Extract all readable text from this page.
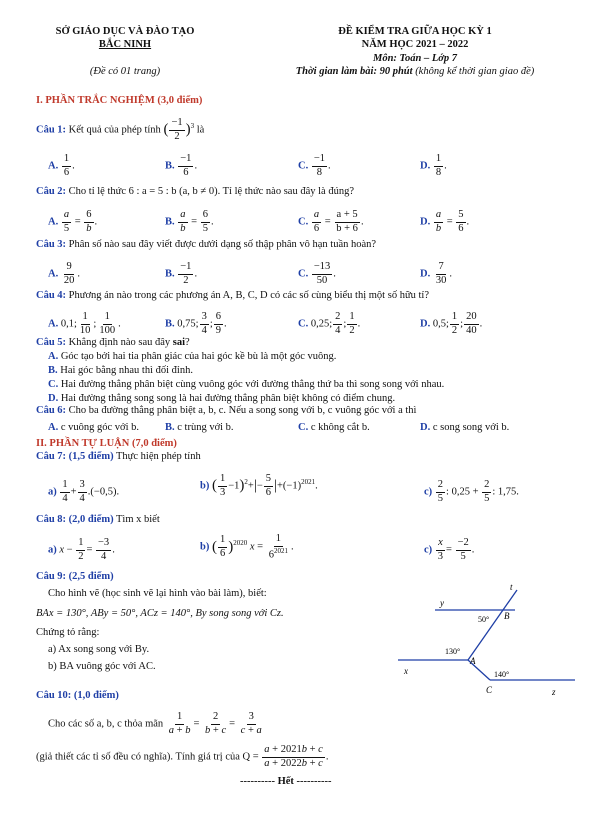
SỞ GIÁO DỤC VÀ ĐÀO TẠO
BẮC NINH
(Đề có 01 trang)
ĐỀ KIỂM TRA GIỮA HỌC KỲ 1
NĂM HỌC 2021 – 2022
Môn: Toán – Lớp 7
Thời gian làm bài: 90 phút (không kể thời gian giao đề)
I. PHẦN TRẮC NGHIỆM (3,0 điểm)
Câu 1: Kết quả của phép tính ( $\frac{-1}{2} )^3$ là
A. $\frac{1}{6}$ .	B. $\frac{-1}{6}$ .	C. $\frac{-1}{8}$ .	D. $\frac{1}{8}$ .
Câu 2: Cho tỉ lệ thức 6 : a = 5 : b (a, b ≠ 0). Tỉ lệ thức nào sau đây là đúng?
A. $\frac{a}{5} = \frac{6}{b}$ .	B. $\frac{a}{b} = \frac{6}{5}$ .	C. $\frac{a}{6} = \frac{a + 5}{b + 6}$ .	D. $\frac{a}{b} = \frac{5}{6}$ .
Câu 3: Phân số nào sau đây viết được dưới dạng số thập phân vô hạn tuần hoàn?
A. $\frac{9}{20}$ .	B. $\frac{-1}{2}$ .	C. $\frac{-13}{50}$ .	D. $\frac{7}{30}$ .
Câu 4: Phương án nào trong các phương án A, B, C, D có các số cùng biểu thị một số hữu tỉ?
A. 0,1; $\frac{1}{10}$ ; $\frac{1}{100}$ .	B. 0,75; $\frac{3}{4}$ ; $\frac{6}{9}$ .	C. 0,25; $\frac{2}{4}$ ; $\frac{1}{2}$ .	D. 0,5; $\frac{1}{2}$ ; $\frac{20}{40}$ .
Câu 5: Khẳng định nào sau đây sai?
A. Góc tạo bởi hai tia phân giác của hai góc kề bù là một góc vuông.
B. Hai góc bằng nhau thì đối đỉnh.
C. Hai đường thẳng phân biệt cùng vuông góc với đường thẳng thứ ba thì song song với nhau.
D. Hai đường thẳng song song là hai đường thẳng phân biệt không có điểm chung.
Câu 6: Cho ba đường thẳng phân biệt a, b, c. Nếu a song song với b, c vuông góc với a thì
A. c vuông góc với b. B. c trùng với b.	C. c không cắt b.	D. c song song với b.
II. PHẦN TỰ LUẬN (7,0 điểm)
Câu 7: (1,5 điểm) Thực hiện phép tính
$a) \frac{1}{4} + \frac{3}{4} .(-0,5)$.
b) ( $\frac{1}{3} -1)^2+|- \frac{5}{6} |+(-1)^{2021}$.
$c) \frac{2}{5}$ : $0,25 + \frac{2}{5}$ : 1,75.
Câu 8: (2,0 điểm) Tìm x biết
a) $x - \frac{1}{2} = \frac{-3}{4}$ .	b) ( $\frac{1}{6} )^{2020}$ $x = \frac{1}{6^{2021}}$ .	$c) \frac{x}{3} = \frac{-2}{5}$ .
Câu 9: (2,5 điểm)
Cho hình vẽ (học sinh vẽ lại hình vào bài làm), biết:
BAx = 130°, ABy = 50°, ACz = 140°, By song song với Cz.
Chứng tỏ rằng:
a) Ax song song với By.
b) BA vuông góc với AC.
y
t
B
50°
130°
A
x	140°
C	z
Câu 10: (1,0 điểm)
Cho các số a, b, c thỏa mãn $\frac{1}{a + b} = \frac{2}{b + c} = \frac{3}{c + a}$
(giả thiết các tỉ số đều có nghĩa). Tính giá trị của $Q = \frac{a + 2021b + c}{a + 2022b + c}$ .
---------- Hết ----------
